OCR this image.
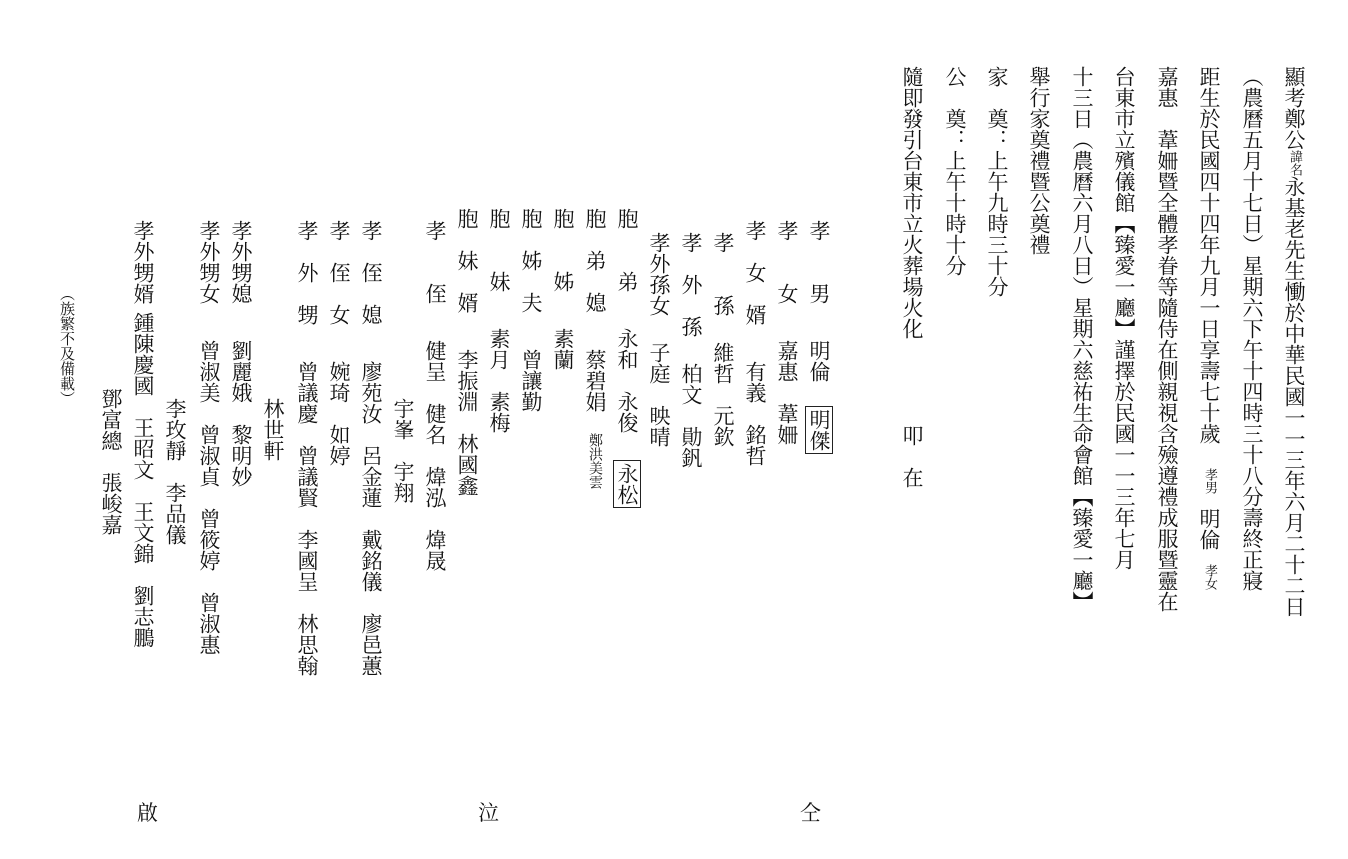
顯考鄭公諱名永基老先生慟於中華民國一一三年六月二十二日
（農曆五月十七日）星期六下午十四時三十八分壽終正寢
距生於民國四十四年九月一日享壽七十歲孝男明倫孝女
嘉惠　葦姍暨全體孝眷等隨侍在側親視含殮遵禮成服暨靈在
台東市立殯儀館【臻愛一廳】謹擇於民國一一三年七月
十三日（農曆六月八日）星期六慈祐生命會館【臻愛一廳】
舉行家奠禮暨公奠禮
家　奠：上午九時三十分
公　奠：上午十時十分
隨即發引台東市立火葬場火化叩　在
孝　　男明倫明傑
孝　　女嘉惠　葦姍
孝　女　婿有義　銘哲
孝　　孫維哲　元欽
孝　外　孫柏文　勛釩
孝外孫女子庭　映晴
胞　　弟永和　永俊　永松
胞　弟　媳蔡碧娟　鄭洪美雲
胞　　姊素蘭
胞　姊　夫曾讓勤
胞　　妹素月　素梅
胞　妹　婿李振淵　林國鑫
孝　　侄健呈　健名　煒泓　煒晟
宇峯　宇翔
孝　侄　媳廖苑汝　呂金蓮　戴銘儀　廖邑蕙
孝　侄　女婉琦　如婷
孝　外　甥曾議慶　曾議賢　李國呈　林思翰
林世軒
孝外甥媳劉麗娥　黎明妙
孝外甥女曾淑美　曾淑貞　曾筱婷　曾淑惠
李玫靜　李品儀
孝外甥婿鍾陳慶國　王昭文　王文錦　劉志鵬
鄧富總　張峻嘉
（族繁不及備載）
啟	泣	仝
